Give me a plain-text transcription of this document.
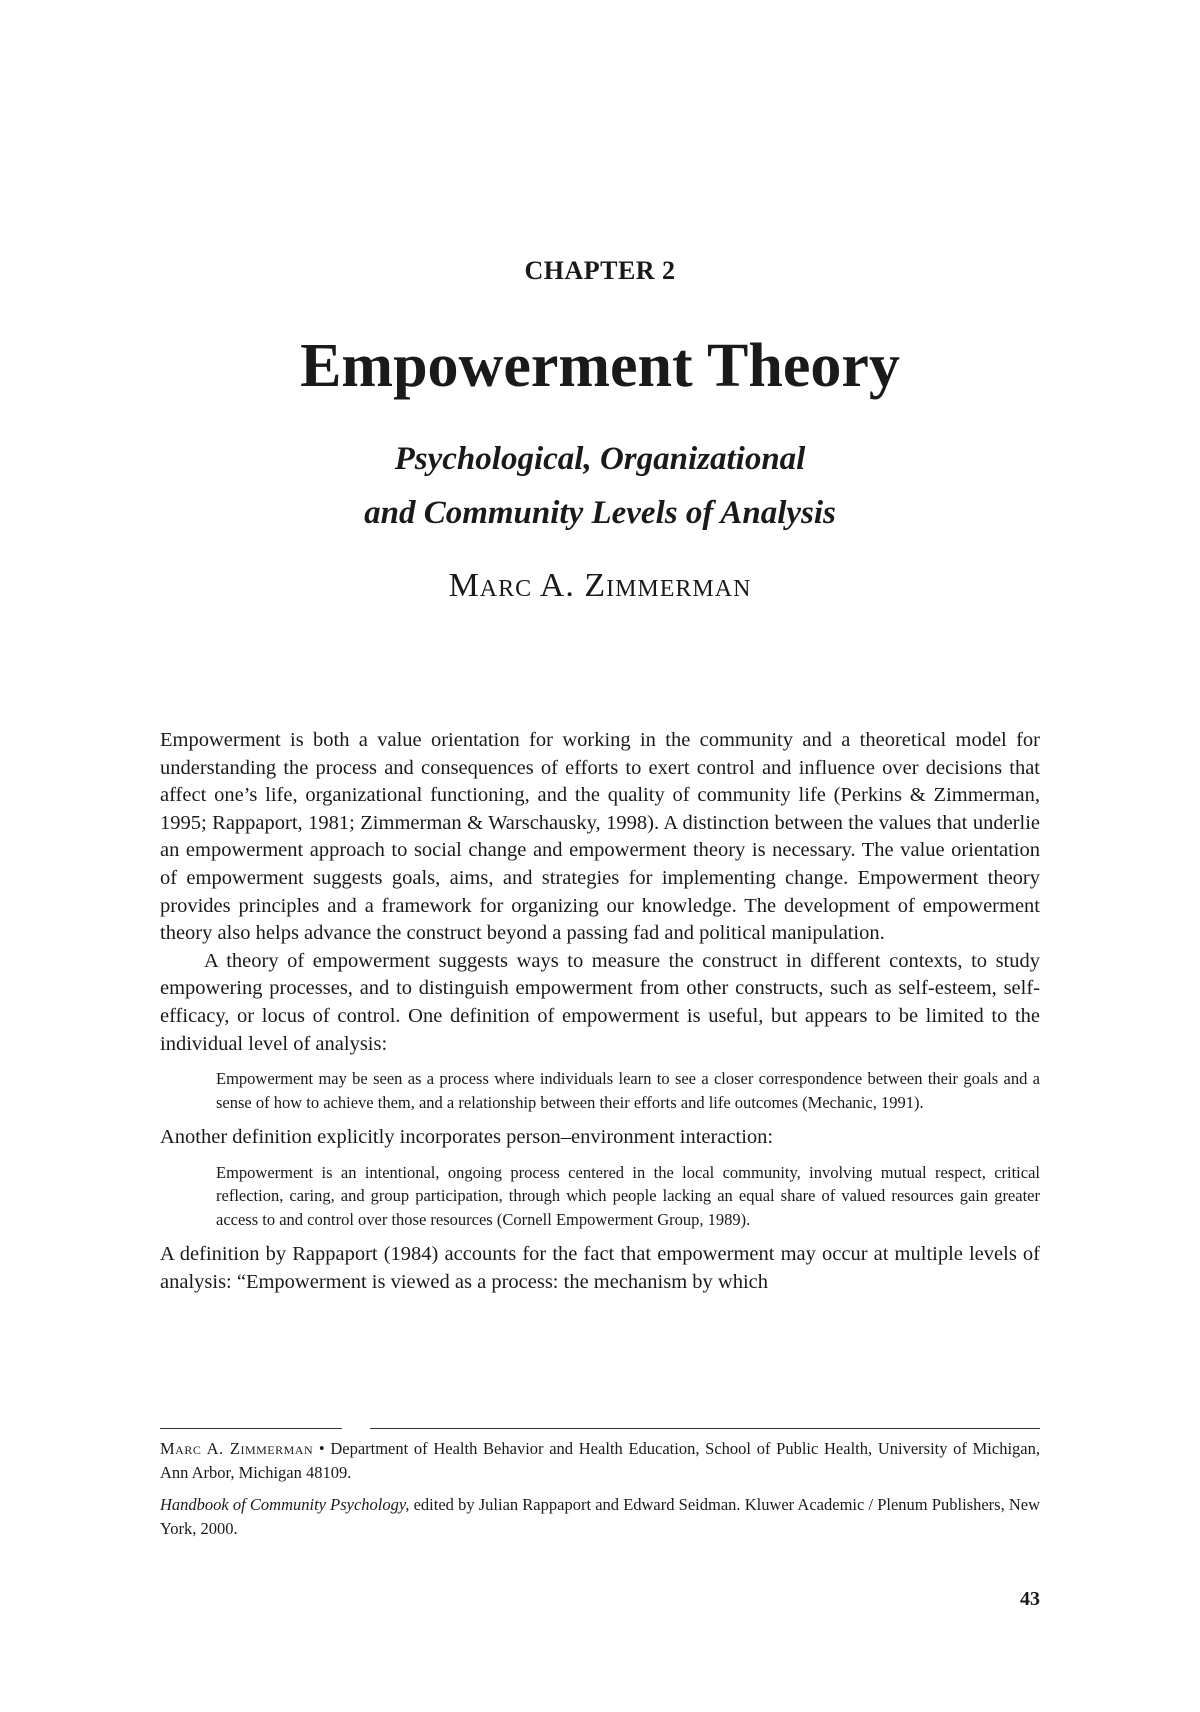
CHAPTER 2
Empowerment Theory
Psychological, Organizational
and Community Levels of Analysis
Marc A. Zimmerman

Empowerment is both a value orientation for working in the community and a theoretical model for understanding the process and consequences of efforts to exert control and influence over decisions that affect one’s life, organizational functioning, and the quality of community life (Perkins & Zimmerman, 1995; Rappaport, 1981; Zimmerman & Warschausky, 1998). A distinction between the values that underlie an empowerment approach to social change and empowerment theory is necessary. The value orientation of empowerment suggests goals, aims, and strategies for implementing change. Empowerment theory provides principles and a framework for organizing our knowledge. The development of empowerment theory also helps advance the construct beyond a passing fad and political manipulation.

A theory of empowerment suggests ways to measure the construct in different contexts, to study empowering processes, and to distinguish empowerment from other constructs, such as self-esteem, self-efficacy, or locus of control. One definition of empowerment is useful, but appears to be limited to the individual level of analysis:

Empowerment may be seen as a process where individuals learn to see a closer correspondence between their goals and a sense of how to achieve them, and a relationship between their efforts and life outcomes (Mechanic, 1991).

Another definition explicitly incorporates person–environment interaction:

Empowerment is an intentional, ongoing process centered in the local community, involving mutual respect, critical reflection, caring, and group participation, through which people lacking an equal share of valued resources gain greater access to and control over those resources (Cornell Empowerment Group, 1989).

A definition by Rappaport (1984) accounts for the fact that empowerment may occur at multiple levels of analysis: “Empowerment is viewed as a process: the mechanism by which

Marc A. Zimmerman • Department of Health Behavior and Health Education, School of Public Health, University of Michigan, Ann Arbor, Michigan 48109.

Handbook of Community Psychology, edited by Julian Rappaport and Edward Seidman. Kluwer Academic / Plenum Publishers, New York, 2000.

43
